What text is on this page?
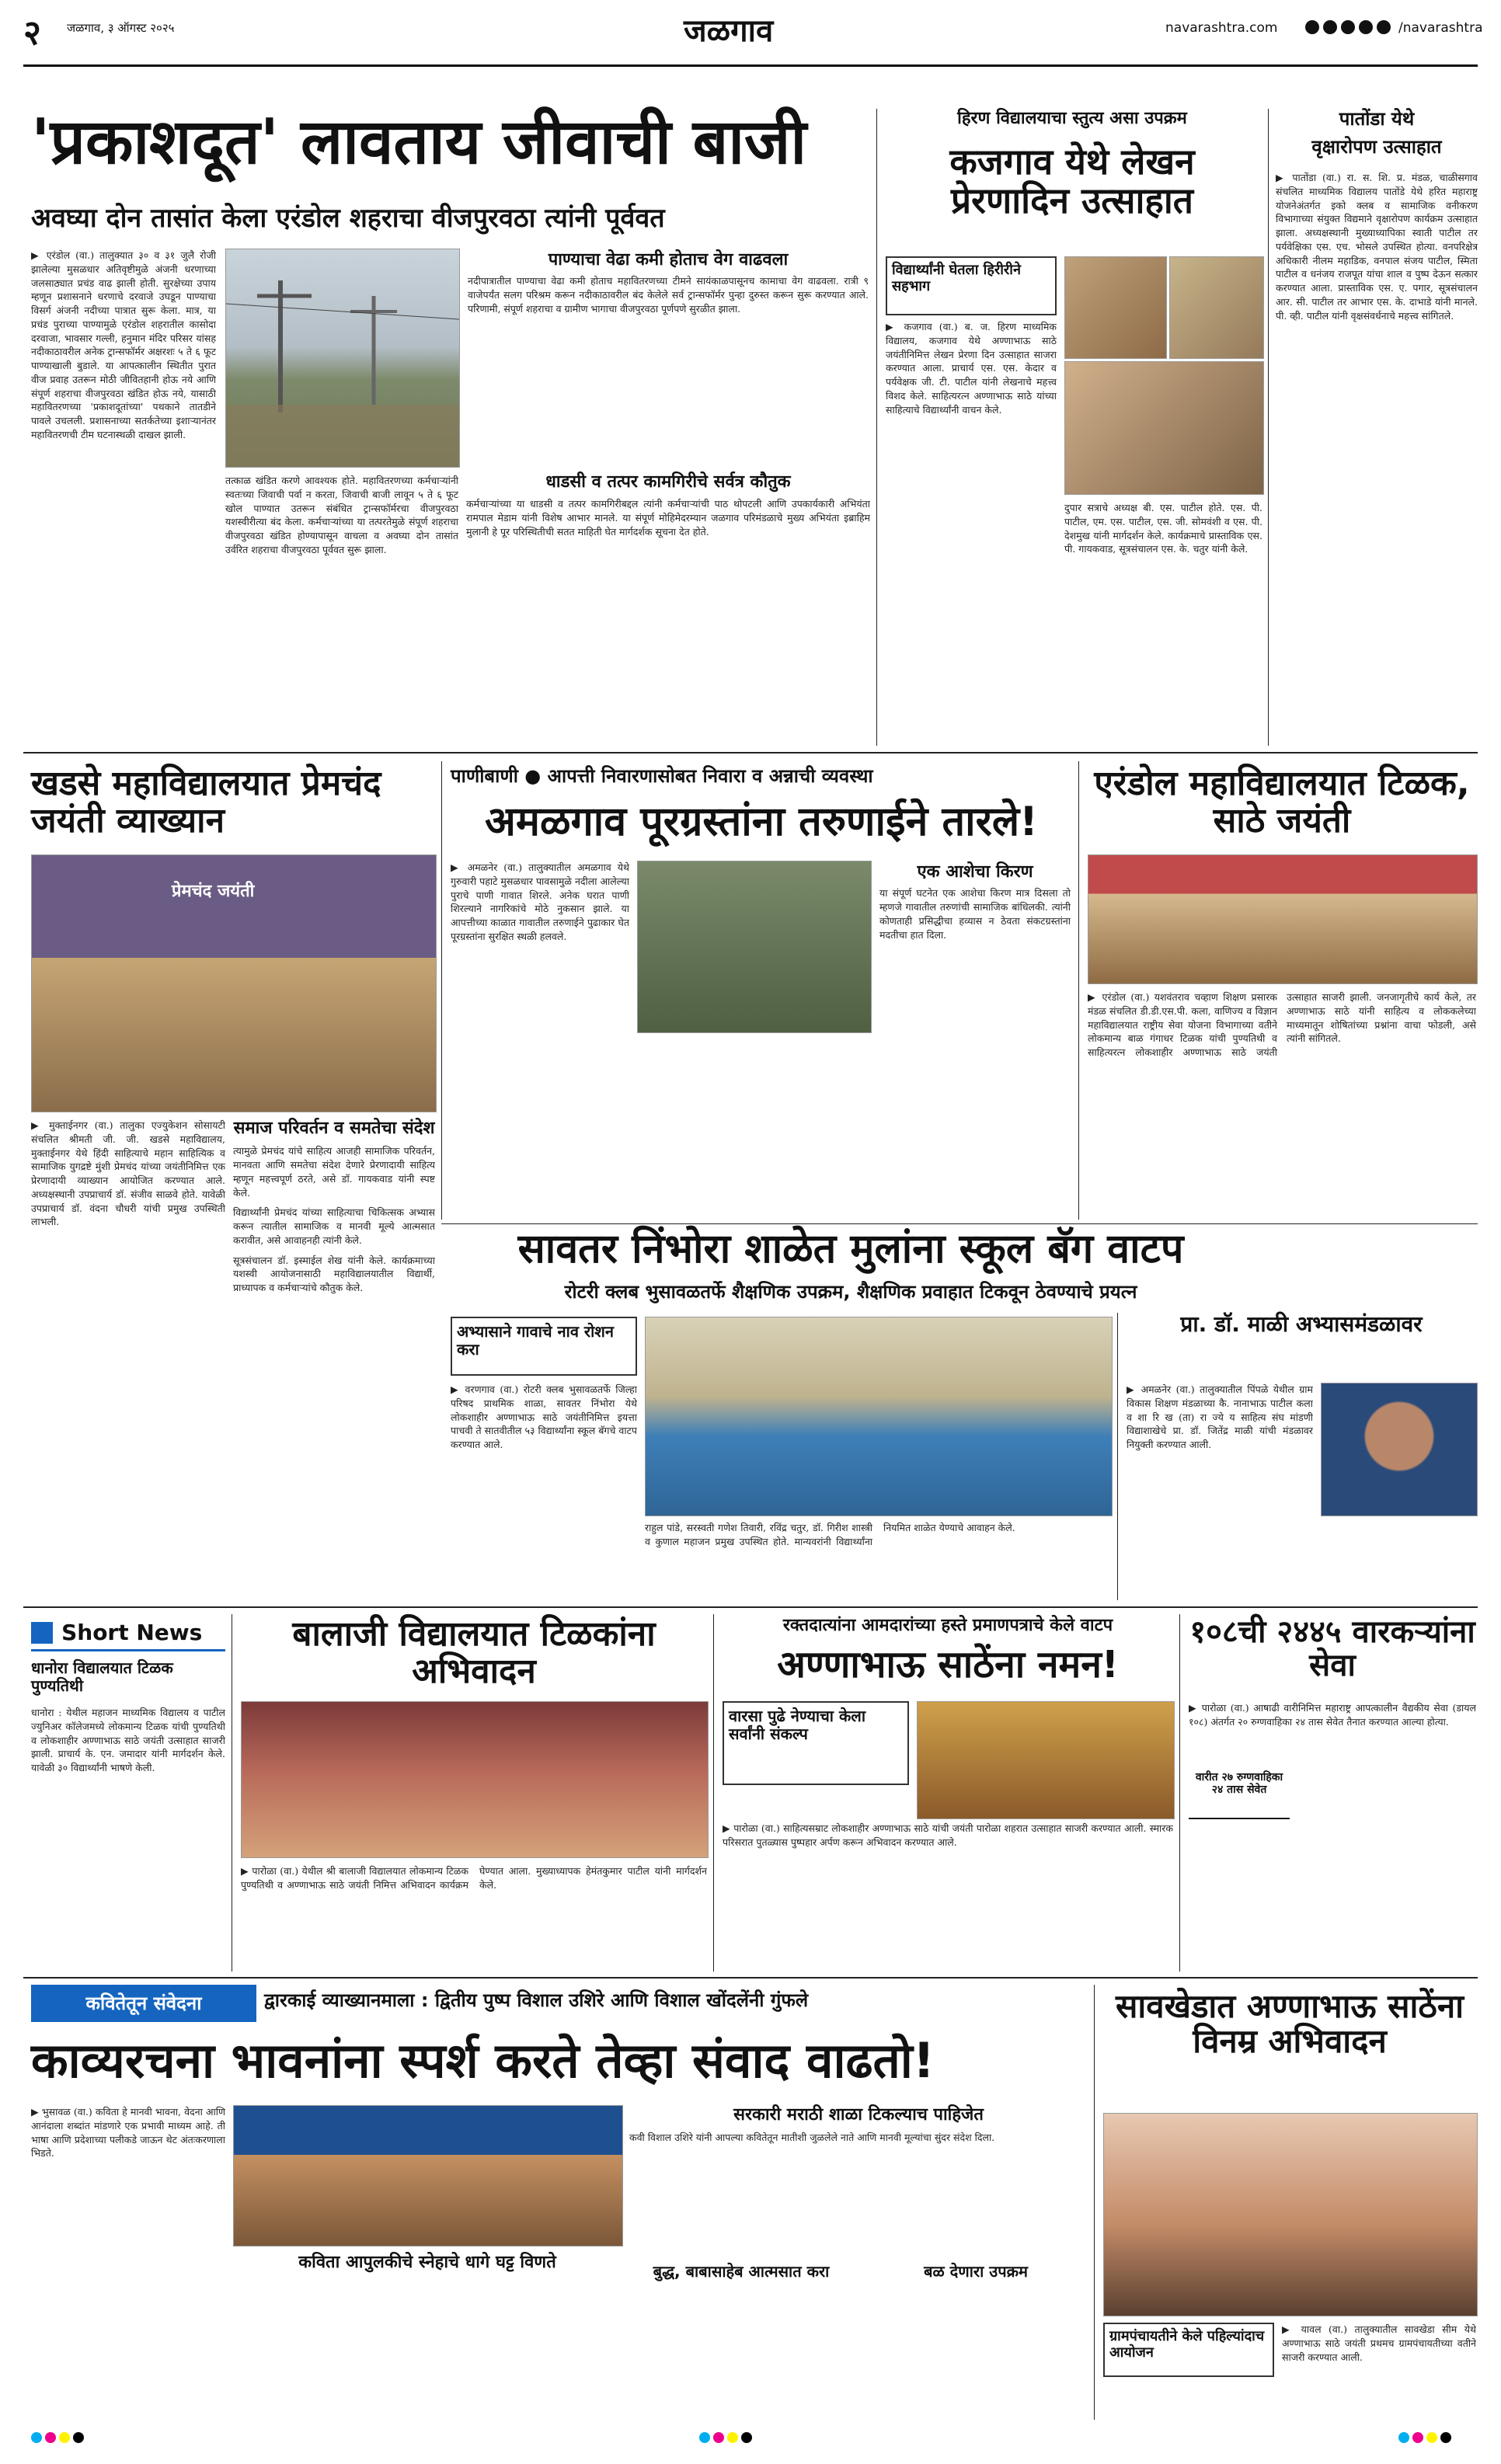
२ जळगाव, ३ ऑगस्ट २०२५	जळगाव	navarashtra.com
	/navarashtra
'प्रकाशदूत' लावताय जीवाची बाजी
अवघ्या दोन तासांत केला एरंडोल शहराचा वीजपुरवठा त्यांनी पूर्ववत
▶ एरंडोल (वा.) तालुक्यात ३० व ३१ जुलै रोजी झालेल्या मुसळधार अतिवृष्टीमुळे अंजनी धरणाच्या जलसाठ्यात प्रचंड वाढ झाली होती. सुरक्षेच्या उपाय म्हणून प्रशासनाने धरणाचे दरवाजे उघडून पाण्याचा विसर्ग अंजनी नदीच्या पात्रात सुरू केला. मात्र, या प्रचंड पुराच्या पाण्यामुळे एरंडोल शहरातील कासोदा दरवाजा, भावसार गल्ली, हनुमान मंदिर परिसर यांसह नदीकाठावरील अनेक ट्रान्सफॉर्मर अक्षरशः ५ ते ६ फूट पाण्याखाली बुडाले. या आपत्कालीन स्थितीत पुरात वीज प्रवाह उतरून मोठी जीवितहानी होऊ नये आणि संपूर्ण शहराचा वीजपुरवठा खंडित होऊ नये, यासाठी महावितरणच्या 'प्रकाशदूतांच्या' पथकाने तातडीने पावले उचलली. प्रशासनाच्या सतर्कतेच्या इशाऱ्यानंतर महावितरणची टीम घटनास्थळी दाखल झाली.
तत्काळ खंडित करणे आवश्यक होते. महावितरणच्या कर्मचाऱ्यांनी स्वतःच्या जिवाची पर्वा न करता, जिवाची बाजी लावून ५ ते ६ फूट खोल पाण्यात उतरून संबंधित ट्रान्सफॉर्मरचा वीजपुरवठा यशस्वीरीत्या बंद केला. कर्मचाऱ्यांच्या या तत्परतेमुळे संपूर्ण शहराचा वीजपुरवठा खंडित होण्यापासून वाचला व अवघ्या दोन तासांत उर्वरित शहराचा वीजपुरवठा पूर्ववत सुरू झाला.
पाण्याचा वेढा कमी होताच वेग वाढवला
नदीपात्रातील पाण्याचा वेढा कमी होताच महावितरणच्या टीमने सायंकाळपासूनच कामाचा वेग वाढवला. रात्री ९ वाजेपर्यंत सलग परिश्रम करून नदीकाठावरील बंद केलेले सर्व ट्रान्सफॉर्मर पुन्हा दुरुस्त करून सुरू करण्यात आले. परिणामी, संपूर्ण शहराचा व ग्रामीण भागाचा वीजपुरवठा पूर्णपणे सुरळीत झाला.
धाडसी व तत्पर कामगिरीचे सर्वत्र कौतुक
कर्मचाऱ्यांच्या या धाडसी व तत्पर कामगिरीबद्दल त्यांनी कर्मचाऱ्यांची पाठ थोपटली आणि उपकार्यकारी अभियंता रामपाल मेडाम यांनी विशेष आभार मानले. या संपूर्ण मोहिमेदरम्यान जळगाव परिमंडळाचे मुख्य अभियंता इब्राहिम मुलानी हे पूर परिस्थितीची सतत माहिती घेत मार्गदर्शक सूचना देत होते.
हिरण विद्यालयाचा स्तुत्य असा उपक्रम
कजगाव येथे लेखन प्रेरणादिन उत्साहात
विद्यार्थ्यांनी घेतला हिरीरीने सहभाग
▶ कजगाव (वा.) ब. ज. हिरण माध्यमिक विद्यालय, कजगाव येथे अण्णाभाऊ साठे जयंतीनिमित्त लेखन प्रेरणा दिन उत्साहात साजरा करण्यात आला. प्राचार्य एस. एस. केदार व पर्यवेक्षक जी. टी. पाटील यांनी लेखनाचे महत्त्व विशद केले. साहित्यरत्न अण्णाभाऊ साठे यांच्या साहित्याचे विद्यार्थ्यांनी वाचन केले.
दुपार सत्राचे अध्यक्ष बी. एस. पाटील होते. एस. पी. पाटील, एम. एस. पाटील, एस. जी. सोमवंशी व एस. पी. देशमुख यांनी मार्गदर्शन केले. कार्यक्रमाचे प्रास्ताविक एस. पी. गायकवाड, सूत्रसंचालन एस. के. चतुर यांनी केले.
पातोंडा येथे
वृक्षारोपण उत्साहात
▶ पातोंडा (वा.) रा. स. शि. प्र. मंडळ, चाळीसगाव संचलित माध्यमिक विद्यालय पातोंडे येथे हरित महाराष्ट्र योजनेअंतर्गत इको क्लब व सामाजिक वनीकरण विभागाच्या संयुक्त विद्यमाने वृक्षारोपण कार्यक्रम उत्साहात झाला. अध्यक्षस्थानी मुख्याध्यापिका स्वाती पाटील तर पर्यवेक्षिका एस. एच. भोसले उपस्थित होत्या. वनपरिक्षेत्र अधिकारी नीलम महाडिक, वनपाल संजय पाटील, स्मिता पाटील व धनंजय राजपूत यांचा शाल व पुष्प देऊन सत्कार करण्यात आला. प्रास्ताविक एस. ए. पगार, सूत्रसंचालन आर. सी. पाटील तर आभार एस. के. दाभाडे यांनी मानले. पी. व्ही. पाटील यांनी वृक्षसंवर्धनाचे महत्त्व सांगितले.
खडसे महाविद्यालयात प्रेमचंद जयंती व्याख्यान
प्रेमचंद जयंती
▶ मुक्ताईनगर (वा.) तालुका एज्युकेशन सोसायटी संचलित श्रीमती जी. जी. खडसे महाविद्यालय, मुक्ताईनगर येथे हिंदी साहित्याचे महान साहित्यिक व सामाजिक युगद्रष्टे मुंशी प्रेमचंद यांच्या जयंतीनिमित्त एक प्रेरणादायी व्याख्यान आयोजित करण्यात आले. अध्यक्षस्थानी उपप्राचार्य डॉ. संजीव साळवे होते. यावेळी उपप्राचार्य डॉ. वंदना चौधरी यांची प्रमुख उपस्थिती लाभली.
समाज परिवर्तन व समतेचा संदेश
त्यामुळे प्रेमचंद यांचे साहित्य आजही सामाजिक परिवर्तन, मानवता आणि समतेचा संदेश देणारे प्रेरणादायी साहित्य म्हणून महत्त्वपूर्ण ठरते, असे डॉ. गायकवाड यांनी स्पष्ट केले.
विद्यार्थ्यांनी प्रेमचंद यांच्या साहित्याचा चिकित्सक अभ्यास करून त्यातील सामाजिक व मानवी मूल्ये आत्मसात करावीत, असे आवाहनही त्यांनी केले.
सूत्रसंचालन डॉ. इस्माईल शेख यांनी केले. कार्यक्रमाच्या यशस्वी आयोजनासाठी महाविद्यालयातील विद्यार्थी, प्राध्यापक व कर्मचाऱ्यांचे कौतुक केले.
पाणीबाणी ● आपत्ती निवारणासोबत निवारा व अन्नाची व्यवस्था
अमळगाव पूरग्रस्तांना तरुणाईने तारले!
▶ अमळनेर (वा.) तालुक्यातील अमळगाव येथे गुरुवारी पहाटे मुसळधार पावसामुळे नदीला आलेल्या पुराचे पाणी गावात शिरले. अनेक घरात पाणी शिरल्याने नागरिकांचे मोठे नुकसान झाले. या आपत्तीच्या काळात गावातील तरुणाईने पुढाकार घेत पूरग्रस्तांना सुरक्षित स्थळी हलवले.
एक आशेचा किरण
या संपूर्ण घटनेत एक आशेचा किरण मात्र दिसला तो म्हणजे गावातील तरुणांची सामाजिक बांधिलकी. त्यांनी कोणताही प्रसिद्धीचा हव्यास न ठेवता संकटग्रस्तांना मदतीचा हात दिला.
एरंडोल महाविद्यालयात टिळक, साठे जयंती
▶ एरंडोल (वा.) यशवंतराव चव्हाण शिक्षण प्रसारक मंडळ संचलित डी.डी.एस.पी. कला, वाणिज्य व विज्ञान महाविद्यालयात राष्ट्रीय सेवा योजना विभागाच्या वतीने लोकमान्य बाळ गंगाधर टिळक यांची पुण्यतिथी व साहित्यरत्न लोकशाहीर अण्णाभाऊ साठे जयंती उत्साहात साजरी झाली. जनजागृतीचे कार्य केले, तर अण्णाभाऊ साठे यांनी साहित्य व लोककलेच्या माध्यमातून शोषितांच्या प्रश्नांना वाचा फोडली, असे त्यांनी सांगितले.
सावतर निंभोरा शाळेत मुलांना स्कूल बॅग वाटप
रोटरी क्लब भुसावळतर्फे शैक्षणिक उपक्रम, शैक्षणिक प्रवाहात टिकवून ठेवण्याचे प्रयत्न
अभ्यासाने गावाचे नाव रोशन करा
▶ वरणगाव (वा.) रोटरी क्लब भुसावळतर्फे जिल्हा परिषद प्राथमिक शाळा, सावतर निंभोरा येथे लोकशाहीर अण्णाभाऊ साठे जयंतीनिमित्त इयत्ता पाचवी ते सातवीतील ५३ विद्यार्थ्यांना स्कूल बॅगचे वाटप करण्यात आले.
राहुल पांडे, सरस्वती गणेश तिवारी, रविंद्र चतुर, डॉ. गिरीश शास्त्री व कुणाल महाजन प्रमुख उपस्थित होते. मान्यवरांनी विद्यार्थ्यांना नियमित शाळेत येण्याचे आवाहन केले.
प्रा. डॉ. माळी अभ्यासमंडळावर
▶ अमळनेर (वा.) तालुक्यातील पिंपळे येथील ग्राम विकास शिक्षण मंडळाच्या कै. नानाभाऊ पाटील कला व शा रि ख (ता) रा ज्ये य साहित्य संघ मांडणी विद्याशाखेचे प्रा. डॉ. जितेंद्र माळी यांची मंडळावर नियुक्ती करण्यात आली.
Short News
धानोरा विद्यालयात टिळक पुण्यतिथी
धानोरा : येथील महाजन माध्यमिक विद्यालय व पाटील ज्युनिअर कॉलेजमध्ये लोकमान्य टिळक यांची पुण्यतिथी व लोकशाहीर अण्णाभाऊ साठे जयंती उत्साहात साजरी झाली. प्राचार्य के. एन. जमादार यांनी मार्गदर्शन केले. यावेळी ३० विद्यार्थ्यांनी भाषणे केली.
बालाजी विद्यालयात टिळकांना अभिवादन
▶ पारोळा (वा.) येथील श्री बालाजी विद्यालयात लोकमान्य टिळक पुण्यतिथी व अण्णाभाऊ साठे जयंती निमित्त अभिवादन कार्यक्रम घेण्यात आला. मुख्याध्यापक हेमंतकुमार पाटील यांनी मार्गदर्शन केले.
रक्तदात्यांना आमदारांच्या हस्ते प्रमाणपत्राचे केले वाटप
अण्णाभाऊ साठेंना नमन!
वारसा पुढे नेण्याचा केला सर्वांनी संकल्प
▶ पारोळा (वा.) साहित्यसम्राट लोकशाहीर अण्णाभाऊ साठे यांची जयंती पारोळा शहरात उत्साहात साजरी करण्यात आली. स्मारक परिसरात पुतळ्यास पुष्पहार अर्पण करून अभिवादन करण्यात आले.
१०८ची २४४५ वारकऱ्यांना सेवा
▶ पारोळा (वा.) आषाढी वारीनिमित्त महाराष्ट्र आपत्कालीन वैद्यकीय सेवा (डायल १०८) अंतर्गत २० रुग्णवाहिका २४ तास सेवेत तैनात करण्यात आल्या होत्या.
वारीत २७ रुग्णवाहिका
२४ तास सेवेत
कवितेतून संवेदना	द्वारकाई व्याख्यानमाला : द्वितीय पुष्प विशाल उशिरे आणि विशाल खोंदलेंनी गुंफले
काव्यरचना भावनांना स्पर्श करते तेव्हा संवाद वाढतो!
▶ भुसावळ (वा.) कविता हे मानवी भावना, वेदना आणि आनंदाला शब्दांत मांडणारे एक प्रभावी माध्यम आहे. ती भाषा आणि प्रदेशाच्या पलीकडे जाऊन थेट अंतःकरणाला भिडते.
कविता आपुलकीचे स्नेहाचे धागे घट्ट विणते
सरकारी मराठी शाळा टिकल्याच पाहिजेत
कवी विशाल उशिरे यांनी आपल्या कवितेतून मातीशी जुळलेले नाते आणि मानवी मूल्यांचा सुंदर संदेश दिला.
बुद्ध, बाबासाहेब आत्मसात करा	बळ देणारा उपक्रम
सावखेडात अण्णाभाऊ साठेंना विनम्र अभिवादन
ग्रामपंचायतीने केले पहिल्यांदाच आयोजन
▶ यावल (वा.) तालुक्यातील सावखेडा सीम येथे अण्णाभाऊ साठे जयंती प्रथमच ग्रामपंचायतीच्या वतीने साजरी करण्यात आली.
